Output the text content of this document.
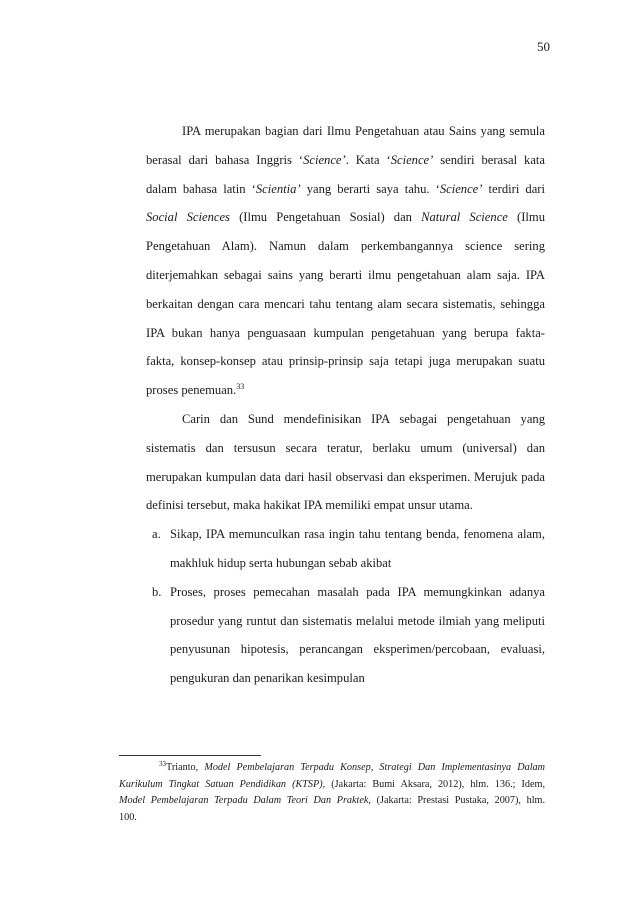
50
IPA merupakan bagian dari Ilmu Pengetahuan atau Sains yang semula
berasal dari bahasa Inggris ‘Science’. Kata ‘Science’ sendiri berasal kata
dalam bahasa latin ‘Scientia’ yang berarti saya tahu. ‘Science’ terdiri dari
Social Sciences (Ilmu Pengetahuan Sosial) dan Natural Science (Ilmu
Pengetahuan Alam). Namun dalam perkembangannya science sering
diterjemahkan sebagai sains yang berarti ilmu pengetahuan alam saja. IPA
berkaitan dengan cara mencari tahu tentang alam secara sistematis, sehingga
IPA bukan hanya penguasaan kumpulan pengetahuan yang berupa fakta-
fakta, konsep-konsep atau prinsip-prinsip saja tetapi juga merupakan suatu
proses penemuan.$^{33}$
Carin dan Sund mendefinisikan IPA sebagai pengetahuan yang
sistematis dan tersusun secara teratur, berlaku umum (universal) dan
merupakan kumpulan data dari hasil observasi dan eksperimen. Merujuk pada
definisi tersebut, maka hakikat IPA memiliki empat unsur utama.
a. Sikap, IPA memunculkan rasa ingin tahu tentang benda, fenomena alam,
makhluk hidup serta hubungan sebab akibat
b. Proses, proses pemecahan masalah pada IPA memungkinkan adanya
prosedur yang runtut dan sistematis melalui metode ilmiah yang meliputi
penyusunan hipotesis, perancangan eksperimen/percobaan, evaluasi,
pengukuran dan penarikan kesimpulan
$^{33}$Trianto, Model Pembelajaran Terpadu Konsep, Strategi Dan Implementasinya Dalam
Kurikulum Tingkat Satuan Pendidikan (KTSP), (Jakarta: Bumi Aksara, 2012), hlm. 136.; Idem,
Model Pembelajaran Terpadu Dalam Teori Dan Praktek, (Jakarta: Prestasi Pustaka, 2007), hlm.
100.
